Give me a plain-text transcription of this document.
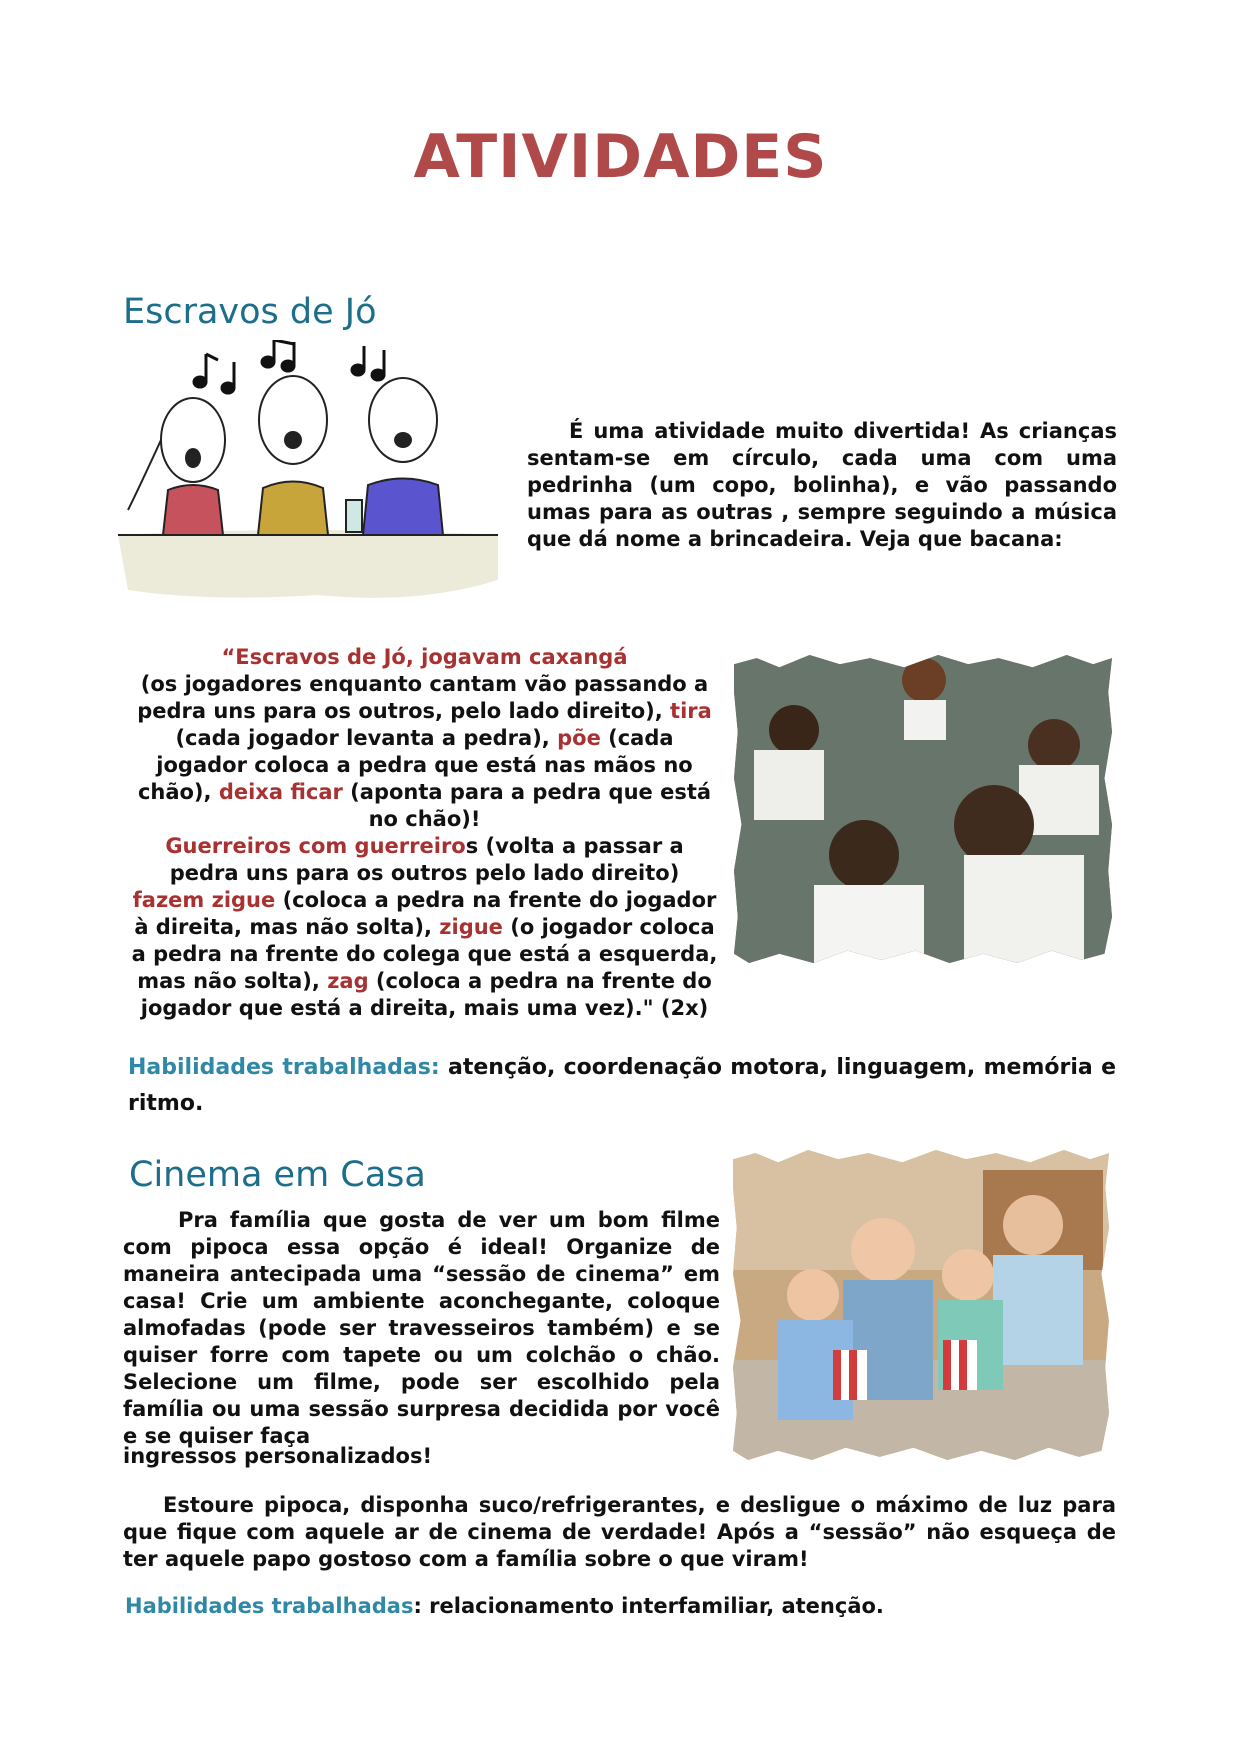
ATIVIDADES
Escravos de Jó
É uma atividade muito divertida! As crianças sentam-se em círculo, cada uma com uma pedrinha (um copo, bolinha), e vão passando umas para as outras , sempre seguindo a música que dá nome a brincadeira. Veja que bacana:
“Escravos de Jó, jogavam caxangá
(os jogadores enquanto cantam vão passando a pedra uns para os outros, pelo lado direito), tira (cada jogador levanta a pedra), põe (cada jogador coloca a pedra que está nas mãos no chão), deixa ficar (aponta para a pedra que está no chão)!
Guerreiros com guerreiros (volta a passar a pedra uns para os outros pelo lado direito)
fazem zigue (coloca a pedra na frente do jogador à direita, mas não solta), zigue (o jogador coloca a pedra na frente do colega que está a esquerda, mas não solta), zag (coloca a pedra na frente do jogador que está a direita, mais uma vez)." (2x)
Habilidades trabalhadas: atenção, coordenação motora, linguagem, memória e ritmo.
Cinema em Casa
Pra família que gosta de ver um bom filme com pipoca essa opção é ideal! Organize de maneira antecipada uma “sessão de cinema” em casa! Crie um ambiente aconchegante, coloque almofadas (pode ser travesseiros também) e se quiser forre com tapete ou um colchão o chão. Selecione um filme, pode ser escolhido pela família ou uma sessão surpresa decidida por você e se quiser faça
ingressos personalizados!
Estoure pipoca, disponha suco/refrigerantes, e desligue o máximo de luz para que fique com aquele ar de cinema de verdade! Após a “sessão” não esqueça de ter aquele papo gostoso com a família sobre o que viram!
Habilidades trabalhadas: relacionamento interfamiliar, atenção.
